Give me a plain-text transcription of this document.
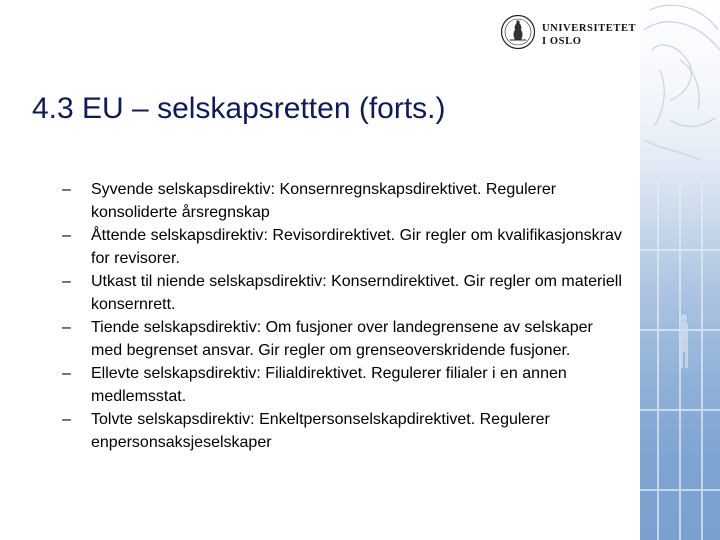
UNIVERSITETET
I OSLO
4.3 EU – selskapsretten (forts.)
– Syvende selskapsdirektiv: Konsernregnskapsdirektivet. Regulerer konsoliderte årsregnskap
– Åttende selskapsdirektiv: Revisordirektivet. Gir regler om kvalifikasjonskrav for revisorer.
– Utkast til niende selskapsdirektiv: Konserndirektivet. Gir regler om materiell konsernrett.
– Tiende selskapsdirektiv: Om fusjoner over landegrensene av selskaper med begrenset ansvar. Gir regler om grenseoverskridende fusjoner.
– Ellevte selskapsdirektiv: Filialdirektivet. Regulerer filialer i en annen medlemsstat.
– Tolvte selskapsdirektiv: Enkeltpersonselskapdirektivet. Regulerer enpersonsaksjeselskaper
